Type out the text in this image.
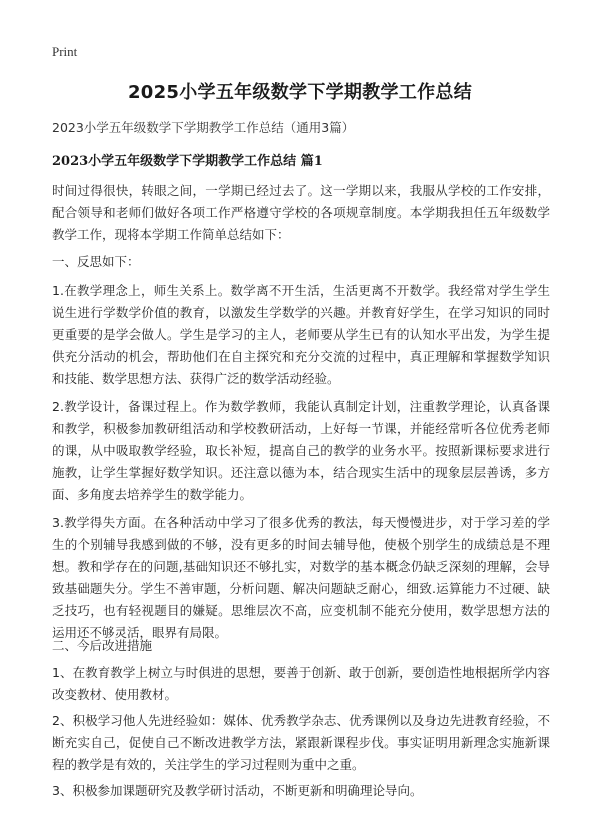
Print
2025小学五年级数学下学期教学工作总结
2023小学五年级数学下学期教学工作总结（通用3篇）
2023小学五年级数学下学期教学工作总结 篇1

时间过得很快，转眼之间，一学期已经过去了。这一学期以来，我服从学校的工作安排，配合领导和老师们做好各项工作严格遵守学校的各项规章制度。本学期我担任五年级数学教学工作，现将本学期工作简单总结如下：

一、反思如下：

1.在教学理念上，师生关系上。数学离不开生活，生活更离不开数学。我经常对学生学生说生进行学数学价值的教育，以激发生学数学的兴趣。并教育好学生，在学习知识的同时更重要的是学会做人。学生是学习的主人，老师要从学生已有的认知水平出发，为学生提供充分活动的机会，帮助他们在自主探究和充分交流的过程中，真正理解和掌握数学知识和技能、数学思想方法、获得广泛的数学活动经验。

2.教学设计，备课过程上。作为数学教师，我能认真制定计划，注重教学理论，认真备课和教学，积极参加教研组活动和学校教研活动，上好每一节课，并能经常听各位优秀老师的课，从中吸取教学经验，取长补短，提高自己的教学的业务水平。按照新课标要求进行施教，让学生掌握好数学知识。还注意以德为本，结合现实生活中的现象层层善诱，多方面、多角度去培养学生的数学能力。

3.教学得失方面。在各种活动中学习了很多优秀的教法，每天慢慢进步，对于学习差的学生的个别辅导我感到做的不够，没有更多的时间去辅导他，使极个别学生的成绩总是不理想。教和学存在的问题,基础知识还不够扎实，对数学的基本概念仍缺乏深刻的理解，会导致基础题失分。学生不善审题，分析问题、解决问题缺乏耐心，细致.运算能力不过硬、缺乏技巧，也有轻视题目的嫌疑。思维层次不高，应变机制不能充分使用，数学思想方法的运用还不够灵活，眼界有局限。

二、今后改进措施

1、在教育教学上树立与时俱进的思想，要善于创新、敢于创新，要创造性地根据所学内容改变教材、使用教材。

2、积极学习他人先进经验如：媒体、优秀教学杂志、优秀课例以及身边先进教育经验，不断充实自己，促使自己不断改进教学方法，紧跟新课程步伐。事实证明用新理念实施新课程的教学是有效的，关注学生的学习过程则为重中之重。

3、积极参加课题研究及教学研讨活动，不断更新和明确理论导向。
